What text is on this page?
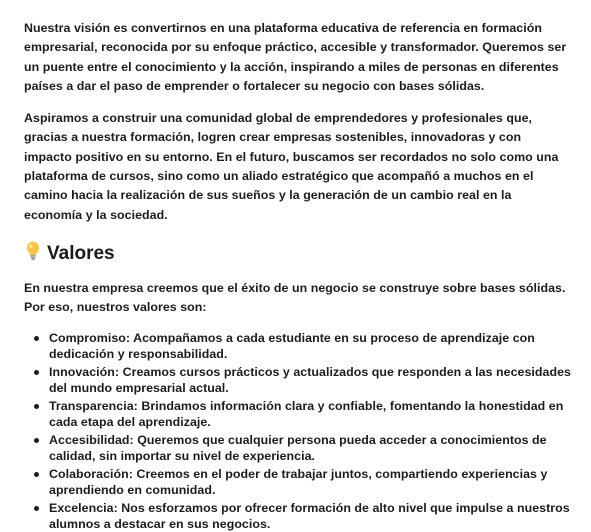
Nuestra visión es convertirnos en una plataforma educativa de referencia en formación empresarial, reconocida por su enfoque práctico, accesible y transformador. Queremos ser un puente entre el conocimiento y la acción, inspirando a miles de personas en diferentes países a dar el paso de emprender o fortalecer su negocio con bases sólidas.

Aspiramos a construir una comunidad global de emprendedores y profesionales que, gracias a nuestra formación, logren crear empresas sostenibles, innovadoras y con impacto positivo en su entorno. En el futuro, buscamos ser recordados no solo como una plataforma de cursos, sino como un aliado estratégico que acompañó a muchos en el camino hacia la realización de sus sueños y la generación de un cambio real en la economía y la sociedad.

Valores

En nuestra empresa creemos que el éxito de un negocio se construye sobre bases sólidas. Por eso, nuestros valores son:

Compromiso: Acompañamos a cada estudiante en su proceso de aprendizaje con dedicación y responsabilidad.
Innovación: Creamos cursos prácticos y actualizados que responden a las necesidades del mundo empresarial actual.
Transparencia: Brindamos información clara y confiable, fomentando la honestidad en cada etapa del aprendizaje.
Accesibilidad: Queremos que cualquier persona pueda acceder a conocimientos de calidad, sin importar su nivel de experiencia.
Colaboración: Creemos en el poder de trabajar juntos, compartiendo experiencias y aprendiendo en comunidad.
Excelencia: Nos esforzamos por ofrecer formación de alto nivel que impulse a nuestros alumnos a destacar en sus negocios.
